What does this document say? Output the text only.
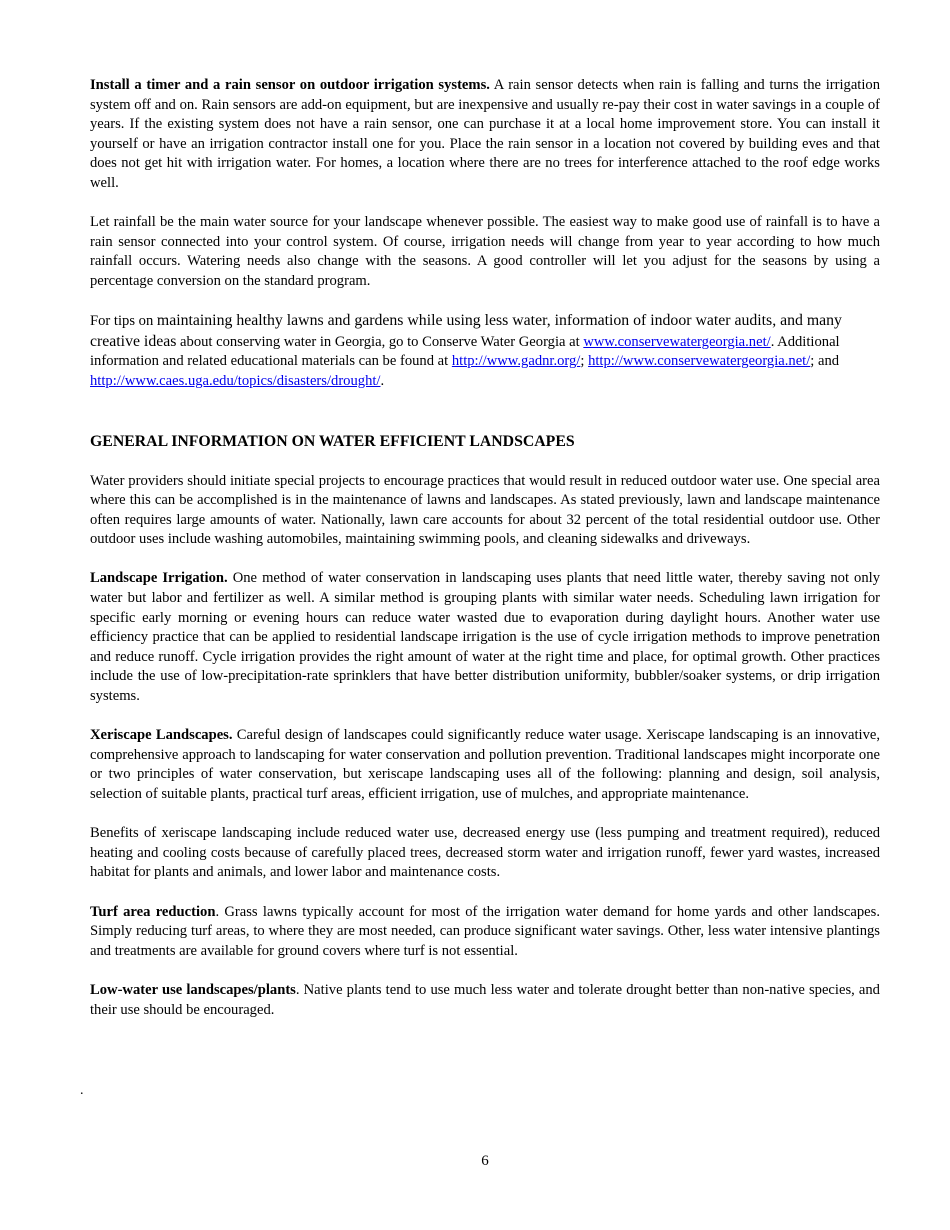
Install a timer and a rain sensor on outdoor irrigation systems. A rain sensor detects when rain is falling and turns the irrigation system off and on. Rain sensors are add-on equipment, but are inexpensive and usually re-pay their cost in water savings in a couple of years. If the existing system does not have a rain sensor, one can purchase it at a local home improvement store. You can install it yourself or have an irrigation contractor install one for you. Place the rain sensor in a location not covered by building eves and that does not get hit with irrigation water. For homes, a location where there are no trees for interference attached to the roof edge works well.

Let rainfall be the main water source for your landscape whenever possible. The easiest way to make good use of rainfall is to have a rain sensor connected into your control system. Of course, irrigation needs will change from year to year according to how much rainfall occurs. Watering needs also change with the seasons. A good controller will let you adjust for the seasons by using a percentage conversion on the standard program.

For tips on maintaining healthy lawns and gardens while using less water, information of indoor water audits, and many creative ideas about conserving water in Georgia, go to Conserve Water Georgia at www.conservewatergeorgia.net/. Additional information and related educational materials can be found at http://www.gadnr.org/; http://www.conservewatergeorgia.net/; and http://www.caes.uga.edu/topics/disasters/drought/.

GENERAL INFORMATION ON WATER EFFICIENT LANDSCAPES

Water providers should initiate special projects to encourage practices that would result in reduced outdoor water use. One special area where this can be accomplished is in the maintenance of lawns and landscapes. As stated previously, lawn and landscape maintenance often requires large amounts of water. Nationally, lawn care accounts for about 32 percent of the total residential outdoor use. Other outdoor uses include washing automobiles, maintaining swimming pools, and cleaning sidewalks and driveways.

Landscape Irrigation. One method of water conservation in landscaping uses plants that need little water, thereby saving not only water but labor and fertilizer as well. A similar method is grouping plants with similar water needs. Scheduling lawn irrigation for specific early morning or evening hours can reduce water wasted due to evaporation during daylight hours. Another water use efficiency practice that can be applied to residential landscape irrigation is the use of cycle irrigation methods to improve penetration and reduce runoff. Cycle irrigation provides the right amount of water at the right time and place, for optimal growth. Other practices include the use of low-precipitation-rate sprinklers that have better distribution uniformity, bubbler/soaker systems, or drip irrigation systems.

Xeriscape Landscapes. Careful design of landscapes could significantly reduce water usage. Xeriscape landscaping is an innovative, comprehensive approach to landscaping for water conservation and pollution prevention. Traditional landscapes might incorporate one or two principles of water conservation, but xeriscape landscaping uses all of the following: planning and design, soil analysis, selection of suitable plants, practical turf areas, efficient irrigation, use of mulches, and appropriate maintenance.

Benefits of xeriscape landscaping include reduced water use, decreased energy use (less pumping and treatment required), reduced heating and cooling costs because of carefully placed trees, decreased storm water and irrigation runoff, fewer yard wastes, increased habitat for plants and animals, and lower labor and maintenance costs.

Turf area reduction. Grass lawns typically account for most of the irrigation water demand for home yards and other landscapes. Simply reducing turf areas, to where they are most needed, can produce significant water savings. Other, less water intensive plantings and treatments are available for ground covers where turf is not essential.

Low-water use landscapes/plants. Native plants tend to use much less water and tolerate drought better than non-native species, and their use should be encouraged.

.
6
